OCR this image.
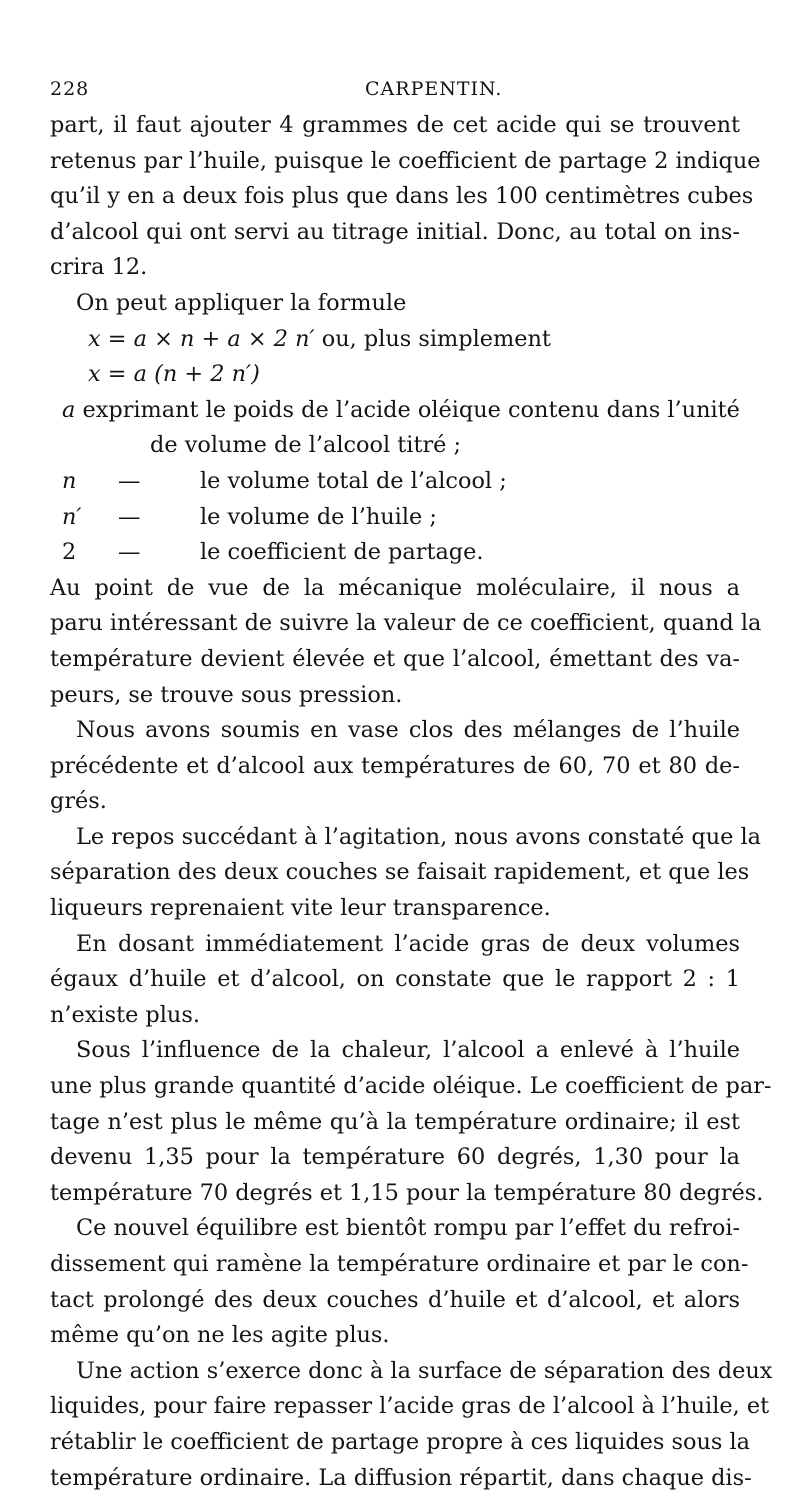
228	CARPENTIN.
part, il faut ajouter 4 grammes de cet acide qui se trouvent
retenus par l’huile, puisque le coefficient de partage 2 indique
qu’il y en a deux fois plus que dans les 100 centimètres cubes
d’alcool qui ont servi au titrage initial. Donc, au total on ins-
crira 12.
On peut appliquer la formule
x = a × n + a × 2 n′ ou, plus simplement
x = a (n + 2 n′)
a exprimant le poids de l’acide oléique contenu dans l’unité
de volume de l’alcool titré ;
n —	le volume total de l’alcool ;
n′ —	le volume de l’huile ;
2 —	le coefficient de partage.
Au point de vue de la mécanique moléculaire, il nous a
paru intéressant de suivre la valeur de ce coefficient, quand la
température devient élevée et que l’alcool, émettant des va-
peurs, se trouve sous pression.
Nous avons soumis en vase clos des mélanges de l’huile
précédente et d’alcool aux températures de 60, 70 et 80 de-
grés.
Le repos succédant à l’agitation, nous avons constaté que la
séparation des deux couches se faisait rapidement, et que les
liqueurs reprenaient vite leur transparence.
En dosant immédiatement l’acide gras de deux volumes
égaux d’huile et d’alcool, on constate que le rapport 2 : 1
n’existe plus.
Sous l’influence de la chaleur, l’alcool a enlevé à l’huile
une plus grande quantité d’acide oléique. Le coefficient de par-
tage n’est plus le même qu’à la température ordinaire; il est
devenu 1,35 pour la température 60 degrés, 1,30 pour la
température 70 degrés et 1,15 pour la température 80 degrés.
Ce nouvel équilibre est bientôt rompu par l’effet du refroi-
dissement qui ramène la température ordinaire et par le con-
tact prolongé des deux couches d’huile et d’alcool, et alors
même qu’on ne les agite plus.
Une action s’exerce donc à la surface de séparation des deux
liquides, pour faire repasser l’acide gras de l’alcool à l’huile, et
rétablir le coefficient de partage propre à ces liquides sous la
température ordinaire. La diffusion répartit, dans chaque dis-
